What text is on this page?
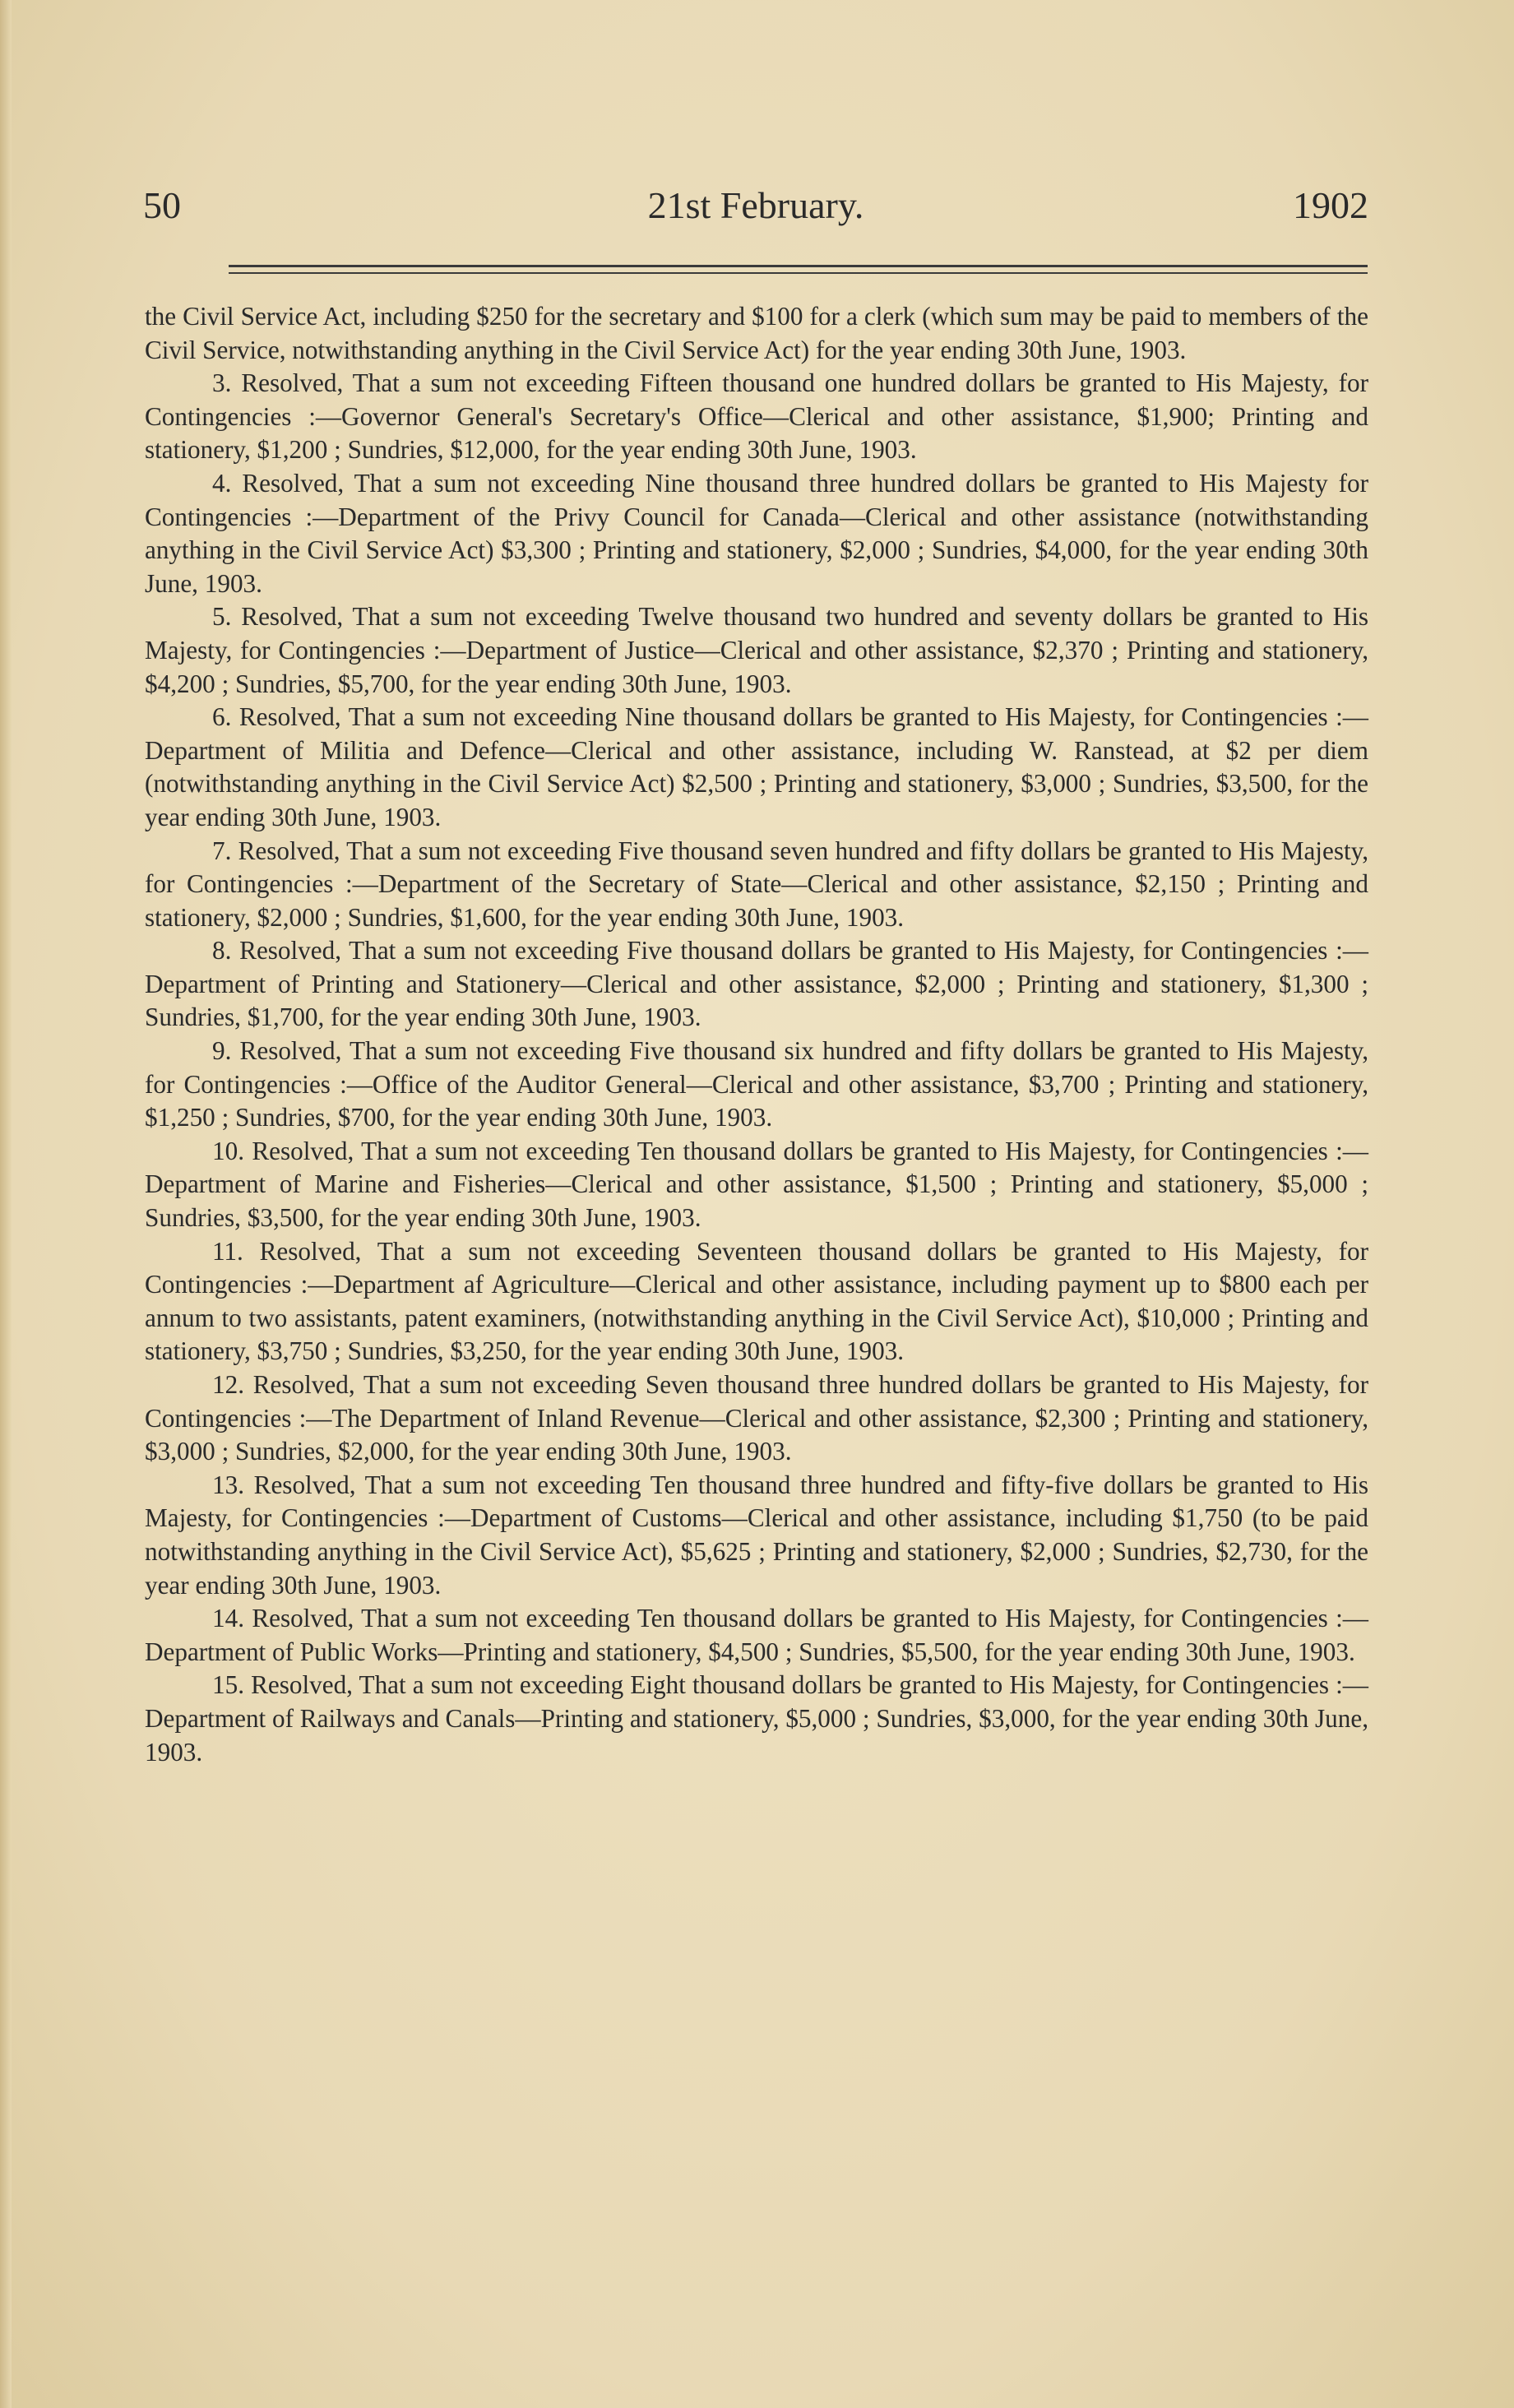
50	21st February.	1902

the Civil Service Act, including $250 for the secretary and $100 for a clerk (which sum may be paid to members of the Civil Service, notwithstanding anything in the Civil Service Act) for the year ending 30th June, 1903.

3. Resolved, That a sum not exceeding Fifteen thousand one hundred dollars be granted to His Majesty, for Contingencies :—Governor General's Secretary's Office—Clerical and other assistance, $1,900; Printing and stationery, $1,200 ; Sundries, $12,000, for the year ending 30th June, 1903.

4. Resolved, That a sum not exceeding Nine thousand three hundred dollars be granted to His Majesty for Contingencies :—Department of the Privy Council for Canada—Clerical and other assistance (notwithstanding anything in the Civil Service Act) $3,300 ; Printing and stationery, $2,000 ; Sundries, $4,000, for the year ending 30th June, 1903.

5. Resolved, That a sum not exceeding Twelve thousand two hundred and seventy dollars be granted to His Majesty, for Contingencies :—Department of Justice—Clerical and other assistance, $2,370 ; Printing and stationery, $4,200 ; Sundries, $5,700, for the year ending 30th June, 1903.

6. Resolved, That a sum not exceeding Nine thousand dollars be granted to His Majesty, for Contingencies :—Department of Militia and Defence—Clerical and other assistance, including W. Ranstead, at $2 per diem (notwithstanding anything in the Civil Service Act) $2,500 ; Printing and stationery, $3,000 ; Sundries, $3,500, for the year ending 30th June, 1903.

7. Resolved, That a sum not exceeding Five thousand seven hundred and fifty dollars be granted to His Majesty, for Contingencies :—Department of the Secretary of State—Clerical and other assistance, $2,150 ; Printing and stationery, $2,000 ; Sundries, $1,600, for the year ending 30th June, 1903.

8. Resolved, That a sum not exceeding Five thousand dollars be granted to His Majesty, for Contingencies :—Department of Printing and Stationery—Clerical and other assistance, $2,000 ; Printing and stationery, $1,300 ; Sundries, $1,700, for the year ending 30th June, 1903.

9. Resolved, That a sum not exceeding Five thousand six hundred and fifty dollars be granted to His Majesty, for Contingencies :—Office of the Auditor General—Clerical and other assistance, $3,700 ; Printing and stationery, $1,250 ; Sundries, $700, for the year ending 30th June, 1903.

10. Resolved, That a sum not exceeding Ten thousand dollars be granted to His Majesty, for Contingencies :—Department of Marine and Fisheries—Clerical and other assistance, $1,500 ; Printing and stationery, $5,000 ; Sundries, $3,500, for the year ending 30th June, 1903.

11. Resolved, That a sum not exceeding Seventeen thousand dollars be granted to His Majesty, for Contingencies :—Department af Agriculture—Clerical and other assistance, including payment up to $800 each per annum to two assistants, patent examiners, (notwithstanding anything in the Civil Service Act), $10,000 ; Printing and stationery, $3,750 ; Sundries, $3,250, for the year ending 30th June, 1903.

12. Resolved, That a sum not exceeding Seven thousand three hundred dollars be granted to His Majesty, for Contingencies :—The Department of Inland Revenue—Clerical and other assistance, $2,300 ; Printing and stationery, $3,000 ; Sundries, $2,000, for the year ending 30th June, 1903.

13. Resolved, That a sum not exceeding Ten thousand three hundred and fifty-five dollars be granted to His Majesty, for Contingencies :—Department of Customs—Clerical and other assistance, including $1,750 (to be paid notwithstanding anything in the Civil Service Act), $5,625 ; Printing and stationery, $2,000 ; Sundries, $2,730, for the year ending 30th June, 1903.

14. Resolved, That a sum not exceeding Ten thousand dollars be granted to His Majesty, for Contingencies :—Department of Public Works—Printing and stationery, $4,500 ; Sundries, $5,500, for the year ending 30th June, 1903.

15. Resolved, That a sum not exceeding Eight thousand dollars be granted to His Majesty, for Contingencies :—Department of Railways and Canals—Printing and stationery, $5,000 ; Sundries, $3,000, for the year ending 30th June, 1903.
